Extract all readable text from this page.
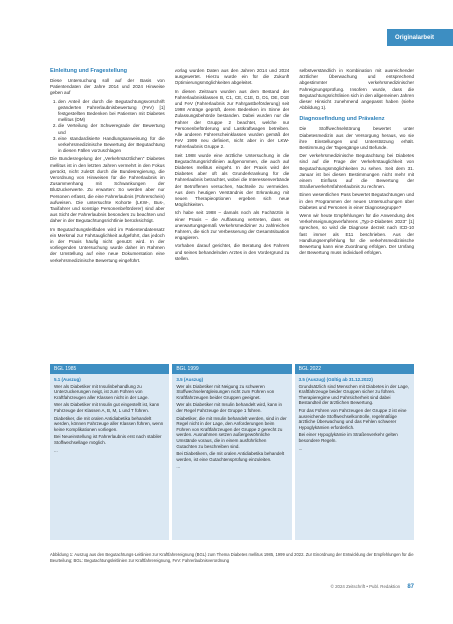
Originalarbeit
Einleitung und Fragestellung

Diese Untersuchung soll auf der Basis von Patientendaten der Jahre 2014 und 2024 Hinweise geben auf

1. den Anteil der durch die Begutachtungsvorschrift geänderten Fahrerlaubnisbewertung (FeV) [1] festgestellten Bedenken bei Patienten mit Diabetes mellitus (DM)
2. die Verteilung der Schweregrade der Bewertung und
3. eine standardisierte Handlungsanweisung für die verkehrsmedizinische Bewertung der Begutachtung in diesen Fällen vorzuschlagen

Die Bundesregelung der „Verkehrsärztlichen“ Diabetes mellitus ist in den letzten Jahren vermehrt in den Fokus gerückt, nicht zuletzt durch die Bundesregierung, die Verordnung von Hinweisen für die Fahrerlaubnis im Zusammenhang mit Schwankungen der Blutzuckerwerte. Zu erwarten: So werden aber nur Personen erfasst, die eine Fahrerlaubnis (Führerschein) aufweisen. Die untersuchte Kohorte (LKW-, Bus-, Taxifahrer und sonstige Personenbeförderer) sind aber aus Sicht der Fahrerlaubnis besonders zu beachten und daher in der Begutachtungsrichtlinie berücksichtigt.

Im Begutachtungsleitfaden wird im Patientendatensatz ein Merkmal zur Fahrtauglichkeit aufgeführt, das jedoch in der Praxis häufig nicht genutzt wird. In der vorliegenden Untersuchung wurde daher im Rahmen der Umstellung auf eine neue Dokumentation eine verkehrsmedizinische Bewertung eingeführt.

vorlag wurden Daten aus den Jahren 2014 und 2024 ausgewertet. Hierzu wurde ein für die Zukunft Optimierungsmöglichkeiten abgeleitet.

In diesen Zeitraum wurden aus dem Bestand der Fahrerlaubnisklassen B, C1, CE, C1E, D, D1, DE, D1E und FeV (Fahrerlaubnis zur Fahrgastbeförderung) seit 1998 Anträge geprüft, deren Bedenken im Sinne der Zulassungsbehörde bestanden. Dabei wurden nur die Fahrer der Gruppe 2 beachtet, welche nur Personenbeförderung und Lastkraftwagen betreiben. Alle anderen Führerscheinklassen wurden gemäß der FeV 1999 neu definiert, nicht aber in der LKW-Fahrerlaubnis Gruppe 2.

Seit 1988 wurde eine ärztliche Untersuchung in die Begutachtungsrichtlinien aufgenommen, die auch auf Diabetes mellitus eingeht. In der Praxis wird der Diabetes aber oft als Grunderkrankung für die Fahrerlaubnis betrachtet, wobei die Interessenverbände der Betroffenen versuchen, Nachteile zu vermeiden. Aus dem heutigen Verständnis der Erkrankung mit neuen Therapieoptionen ergeben sich neue Möglichkeiten.

Ich habe seit 1988 – damals noch als Fachärztin in einer Praxis – die Auffassung vertreten, dass es unerwartungsgemäß Verkehrsmediziner zu zahlreichen Fahrern, die sich zur Verbesserung der Gesamtsituation engagieren.

Vorhaben darauf gerichtet, die Beratung des Fahrers und seines behandelnden Arztes in den Vordergrund zu stellen.

selbstverständlich in Kombination mit ausreichender ärztlicher Überwachung und entsprechend abgestimmter verkehrsmedizinischer Fahreignungsprüfung. Insofern wurde, dass die Begutachtungsrichtlinien sich in den allgemeinen Jahren dieser Hinsicht zunehmend angepasst haben (siehe Abbildung 1).

Diagnosefindung und Prävalenz

Die Stoffwechselstörung bewertet unter Diabetesmedizin aus der Versorgung heraus, wo sie ihre Einstellungen und Unterstützung erhält. Bestimmung der Tagesgänge und Befunde.

Der verkehrsmedizinische Begutachtung bei Diabetes sind auf die Frage der Verkehrstauglichkeit von Begutachtungsmöglichkeiten zu sehen. Seit dem 31. Januar ist bei diesen Bestimmungen nicht mehr mit einem Einfluss auf die Bewertung der Straßenverkehrsfahrerlaubnis zu rechnen.

Einen wesentlichen Pass bewertet Begutachtungen und in den Programmen der neuen Untersuchungen über Diabetes und Personen in einer Diagnosegruppe?

Wenn wir heute Empfehlungen für die Anwendung des Verkehrseignungsverfahrens „Typ-2-Diabetes 2023“ [1] sprechen, so wird die Diagnose derzeit nach ICD-10 fast immer als E11 beschrieben. Aus der Handlungsempfehlung für die verkehrsmedizinische Bewertung kann eine Zuordnung erfolgen. Der Umfang der Bewertung muss individuell erfolgen.

BGL 1985	BGL 1999	BGL 2022
5.1 (Auszug)

Wer als Diabetiker mit Insulinbehandlung zu Unterzuckerungen neigt, ist zum Führen von Kraftfahrzeugen aller Klassen nicht in der Lage.

Wer als Diabetiker mit Insulin gut eingestellt ist, kann Fahrzeuge der Klassen A, B, M, L und T führen.

Diabetiker, die mit oralen Antidiabetika behandelt werden, können Fahrzeuge aller Klassen führen, wenn keine Komplikationen vorliegen.

Bei Neueinstellung ist Fahrerlaubnis erst nach stabiler Stoffwechsellage möglich.

...

3.5 (Auszug)

Wer als Diabetiker mit Neigung zu schweren Stoffwechselentgleisungen nicht zum Führen von Kraftfahrzeugen beider Gruppen geeignet.

Wer als Diabetiker mit Insulin behandelt wird, kann in der Regel Fahrzeuge der Gruppe 1 führen.

Diabetiker, die mit Insulin behandelt werden, sind in der Regel nicht in der Lage, den Anforderungen beim Führen von Kraftfahrzeugen der Gruppe 2 gerecht zu werden. Ausnahmen setzen außergewöhnliche Umstände voraus, die in einem ausführlichen Gutachten zu beschreiben sind.

Bei Diabetikern, die mit oralen Antidiabetika behandelt werden, ist eine Gutachtensprüfung einzuleiten.

...

3.5 (Auszug) (Gültig ab 31.12.2022)

Grundsätzlich sind Menschen mit Diabetes in der Lage, Kraftfahrzeuge beider Gruppen sicher zu führen. Therapieregime und Fahrsicherheit sind dabei Bestandteil der ärztlichen Bewertung.

Für das Führen von Fahrzeugen der Gruppe 2 ist eine ausreichende Stoffwechselkontrolle, regelmäßige ärztliche Überwachung und das Fehlen schwerer Hypoglykämien erforderlich.

Bei einer Hypoglykämie im Straßenverkehr gelten besondere Regeln.

...

Abbildung 1: Auszug aus den Begutachtungs-Leitlinien zur Kraftfahrereignung (BGL) zum Thema Diabetes mellitus 1985, 1999 und 2022. Zur Einordnung der Entwicklung der Empfehlungen für die Beurteilung; BGL: Begutachtungsleitlinien zur Kraftfahrereignung, FeV: Fahrerlaubnisverordnung
© 2024 Zeitschrift • Publ. Redaktion 87
